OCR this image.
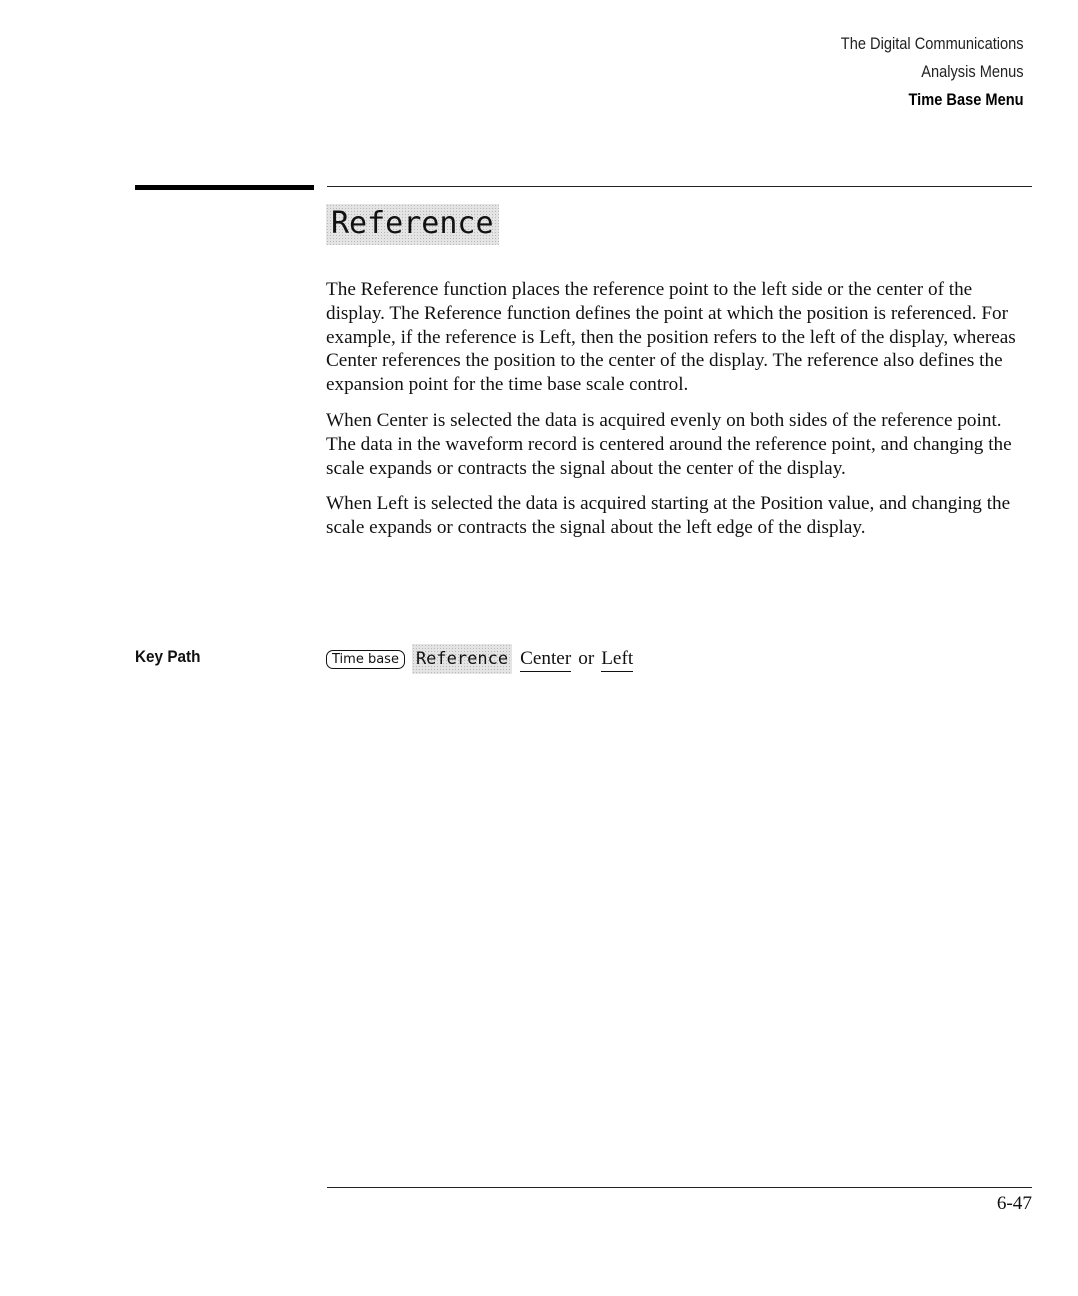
The Digital Communications
Analysis Menus
Time Base Menu
Reference

The Reference function places the reference point to the left side or the center of the display. The Reference function defines the point at which the position is referenced. For example, if the reference is Left, then the position refers to the left of the display, whereas Center references the position to the center of the display. The reference also defines the expansion point for the time base scale control.

When Center is selected the data is acquired evenly on both sides of the reference point. The data in the waveform record is centered around the reference point, and changing the scale expands or contracts the signal about the center of the display.

When Left is selected the data is acquired starting at the Position value, and changing the scale expands or contracts the signal about the left edge of the display.

Key Path	Time base	Reference Center or Left
6-47
